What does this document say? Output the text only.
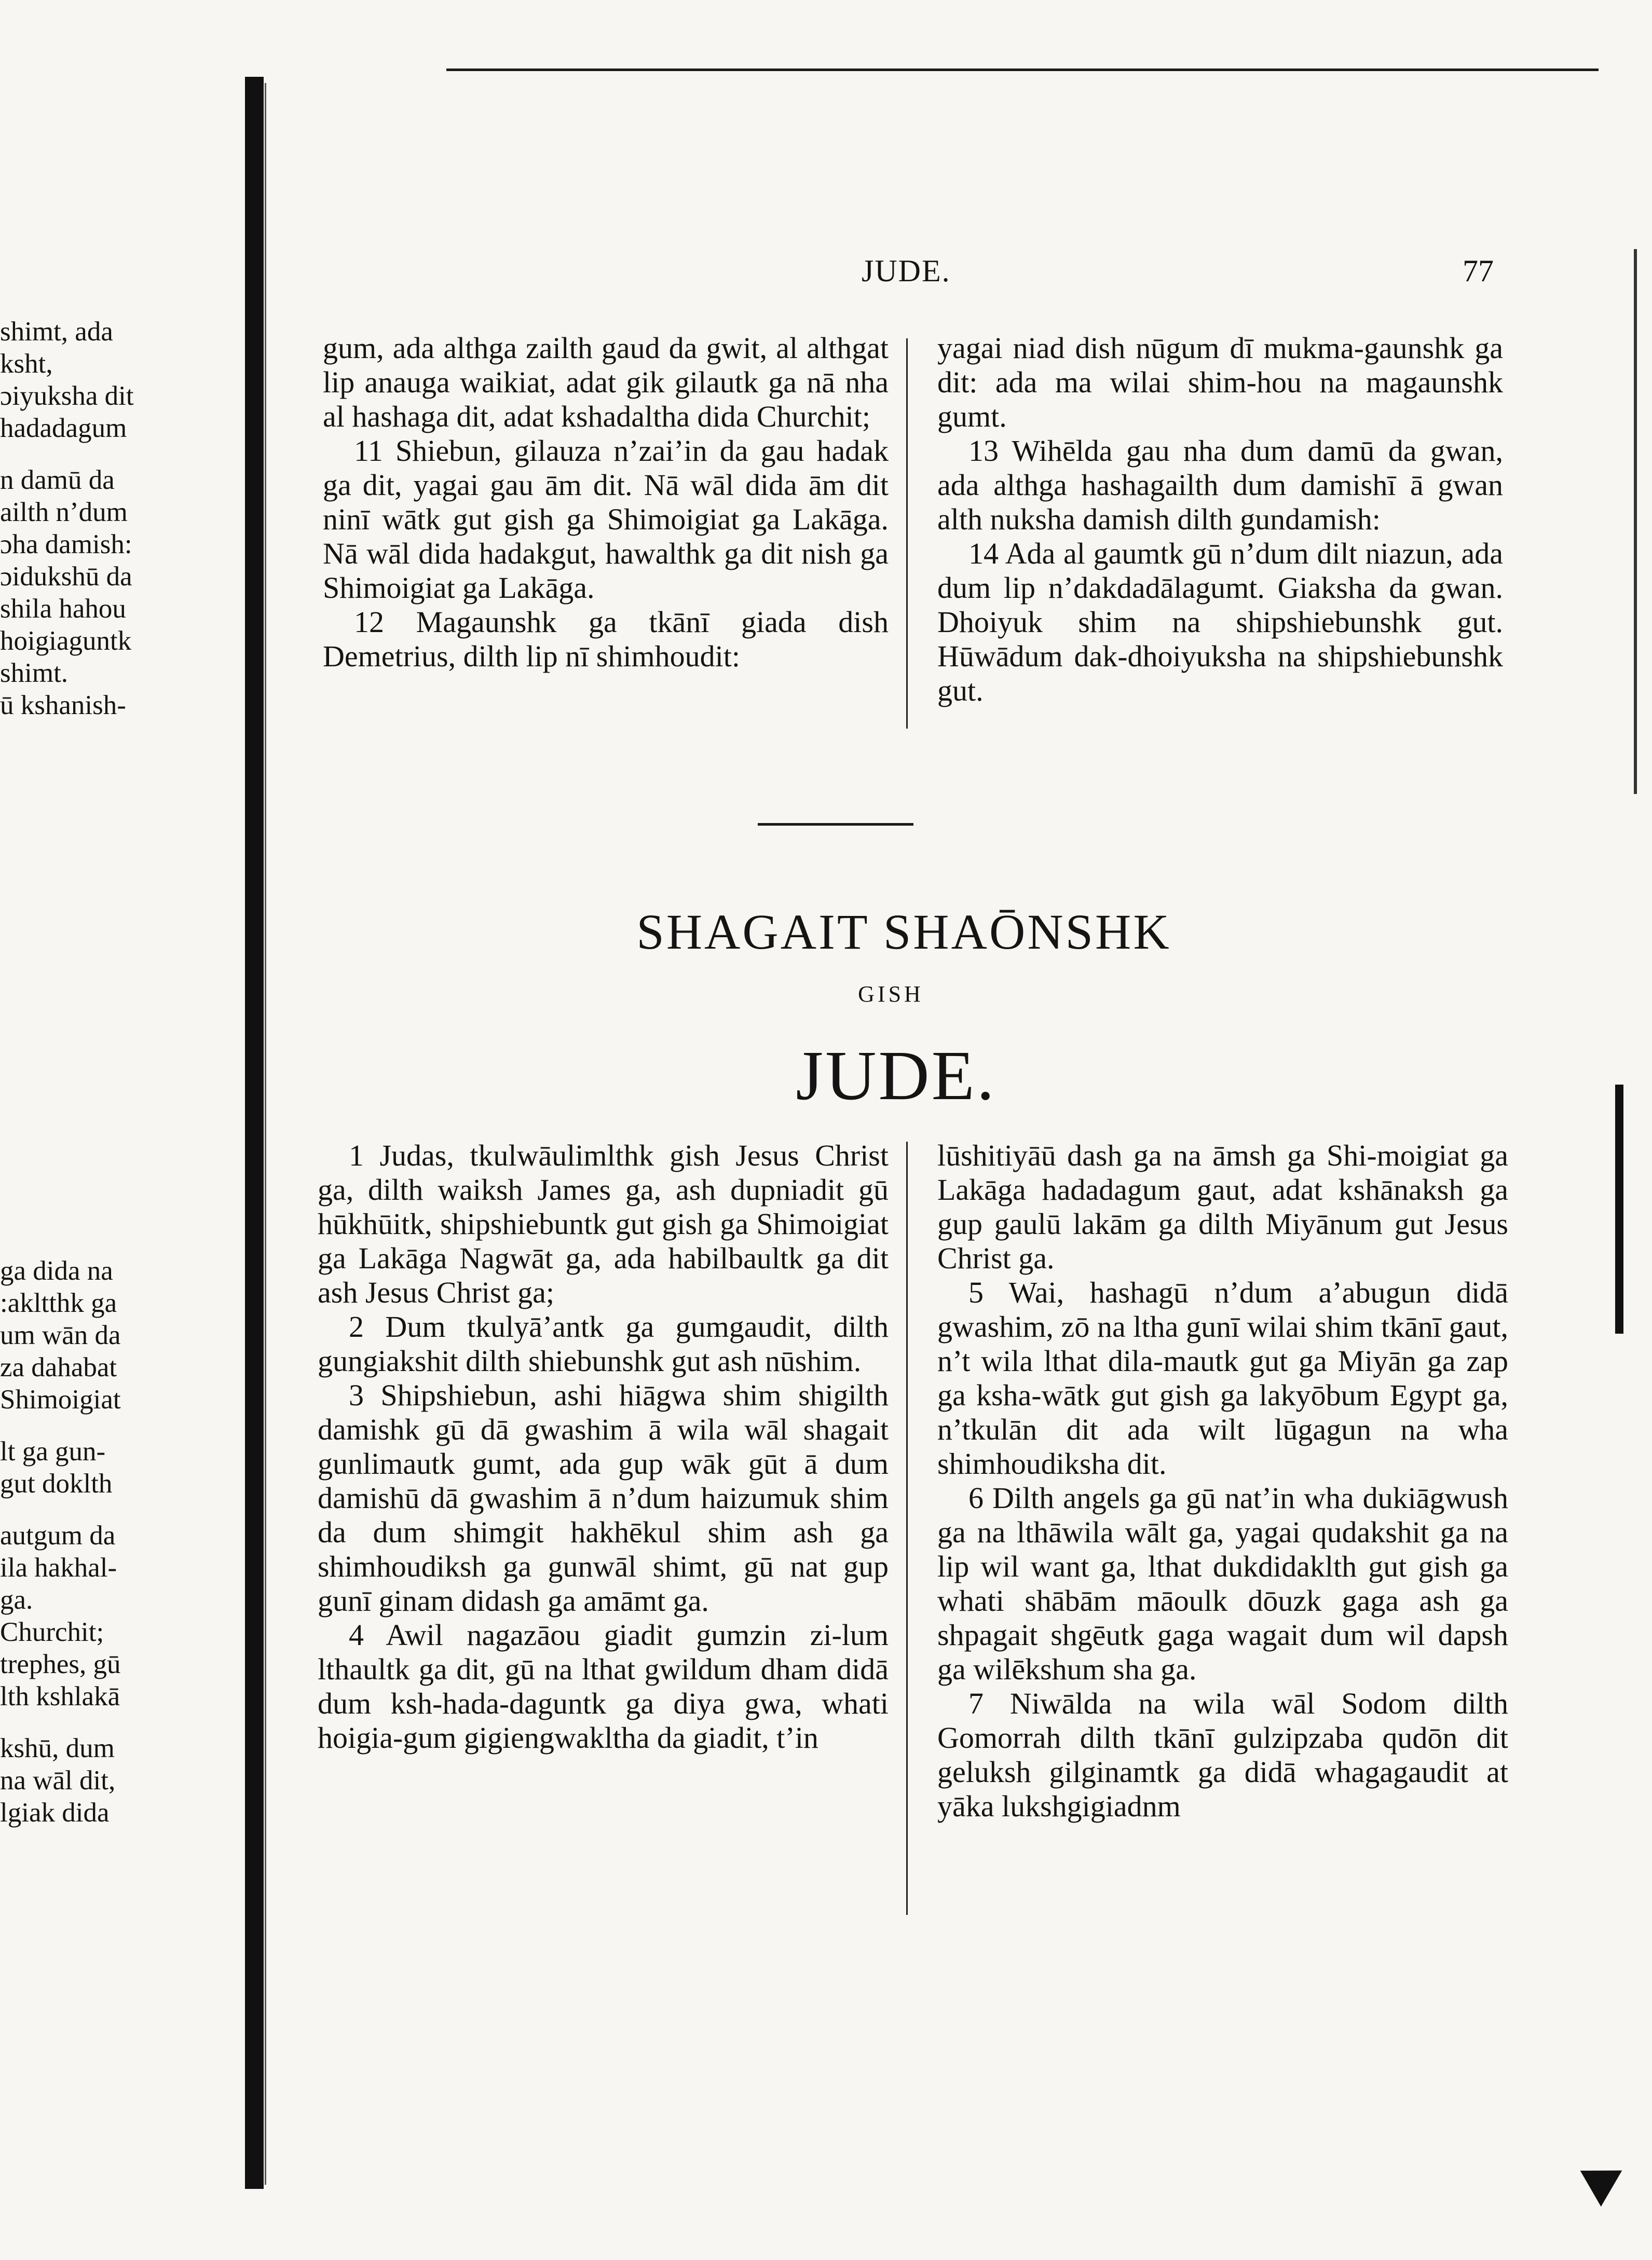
shimt, ada
ksht,
ɔiyuksha dit
hadadagum
n damū da
ailth n’dum
ɔha damish:
ɔidukshū da
shila hahou
hoigiaguntk
shimt.
ū kshanish-
ga dida na
:akltthk ga
um wān da
za dahabat
Shimoigiat
lt ga gun-
gut doklth
autgum da
ila hakhal-
ga.
Churchit;
trephes, gū
lth kshlakā
kshū, dum
na wāl dit,
lgiak dida
JUDE.	77

gum, ada althga zailth gaud da gwit, al althgat lip anauga waikiat, adat gik gilautk ga nā nha al hashaga dit, adat kshadaltha dida Churchit;

11 Shiebun, gilauza n’zai’in da gau hadak ga dit, yagai gau ām dit. Nā wāl dida ām dit ninī wātk gut gish ga Shimoigiat ga Lakāga. Nā wāl dida hadakgut, hawalthk ga dit nish ga Shimoigiat ga Lakāga.

12 Magaunshk ga tkānī giada dish Demetrius, dilth lip nī shimhoudit:

yagai niad dish nūgum dī mukma-gaunshk ga dit: ada ma wilai shim-hou na magaunshk gumt.

13 Wihēlda gau nha dum damū da gwan, ada althga hashagailth dum damishī ā gwan alth nuksha damish dilth gundamish:

14 Ada al gaumtk gū n’dum dilt niazun, ada dum lip n’dakdadālagumt. Giaksha da gwan. Dhoiyuk shim na shipshiebunshk gut. Hūwādum dak-dhoiyuksha na shipshiebunshk gut.

SHAGAIT SHAŌNSHK
GISH
JUDE.

1 Judas, tkulwāulimlthk gish Jesus Christ ga, dilth waiksh James ga, ash dupniadit gū hūkhūitk, shipshiebuntk gut gish ga Shimoigiat ga Lakāga Nagwāt ga, ada habilbaultk ga dit ash Jesus Christ ga;

2 Dum tkulyā’antk ga gumgaudit, dilth gungiakshit dilth shiebunshk gut ash nūshim.

3 Shipshiebun, ashi hiāgwa shim shigilth damishk gū dā gwashim ā wila wāl shagait gunlimautk gumt, ada gup wāk gūt ā dum damishū dā gwashim ā n’dum haizumuk shim da dum shimgit hakhēkul shim ash ga shimhoudiksh ga gunwāl shimt, gū nat gup gunī ginam didash ga amāmt ga.

4 Awil nagazāou giadit gumzin zi-lum lthaultk ga dit, gū na lthat gwildum dham didā dum ksh-hada-daguntk ga diya gwa, whati hoigia-gum gigiengwaklthа da giadit, t’in

lūshitiyāū dash ga na āmsh ga Shi-moigiat ga Lakāga hadadagum gaut, adat kshānaksh ga gup gaulū lakām ga dilth Miyānum gut Jesus Christ ga.

5 Wai, hashagū n’dum a’abugun didā gwashim, zō na ltha gunī wilai shim tkānī gaut, n’t wila lthat dila-mautk gut ga Miyān ga zap ga ksha-wātk gut gish ga lakyōbum Egypt ga, n’tkulān dit ada wilt lūgagun na wha shimhoudiksha dit.

6 Dilth angels ga gū nat’in wha dukiāgwush ga na lthāwila wālt ga, yagai qudakshit ga na lip wil want ga, lthat dukdidaklth gut gish ga whati shābām māoulk dōuzk gaga ash ga shpagait shgēutk gaga wagait dum wil dapsh ga wilēkshum sha ga.

7 Niwālda na wila wāl Sodom dilth Gomorrah dilth tkānī gulzipzaba qudōn dit geluksh gilginamtk ga didā whagagaudit at yāka lukshgigiadnm
